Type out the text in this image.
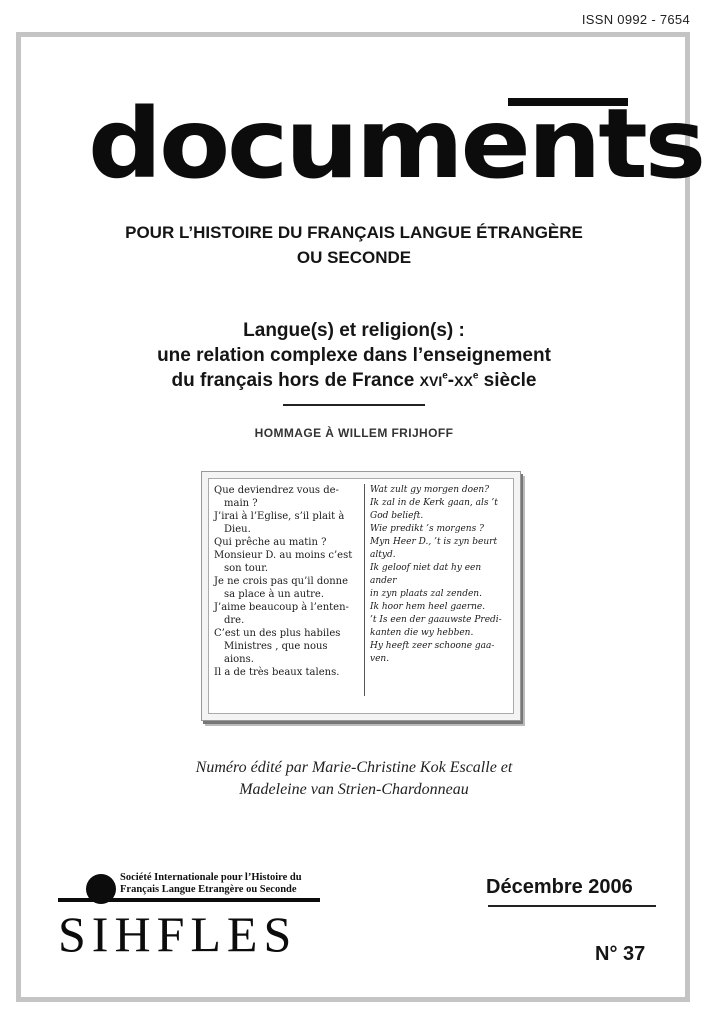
ISSN 0992 - 7654
documents
POUR L’HISTOIRE DU FRANÇAIS LANGUE ÉTRANGÈRE
OU SECONDE
Langue(s) et religion(s) :
une relation complexe dans l’enseignement
du français hors de France XVIe-XXe siècle
HOMMAGE À WILLEM FRIJHOFF

Que deviendrez vous de-
main ?

J’irai à l’Eglise, s’il plait à
Dieu.

Qui prêche au matin ?

Monsieur D. au moins c’est
son tour.

Je ne crois pas qu’il donne
sa place à un autre.

J’aime beaucoup à l’enten-
dre.

C’est un des plus habiles
Ministres , que nous
aions.

Il a de très beaux talens.

Wat zult gy morgen doen?

Ik zal in de Kerk gaan, als ’t
God belieft.

Wie predikt ’s morgens ?

Myn Heer D., ’t is zyn beurt
altyd.

Ik geloof niet dat hy een ander
in zyn plaats zal zenden.

Ik hoor hem heel gaerne.

’t Is een der gaauwste Predi-
kanten die wy hebben.

Hy heeft zeer schoone gaa-
ven.

Numéro édité par Marie-Christine Kok Escalle et
Madeleine van Strien-Chardonneau
Société Internationale pour l’Histoire du
Français Langue Etrangère ou Seconde
SIHFLES
Décembre 2006
N° 37
